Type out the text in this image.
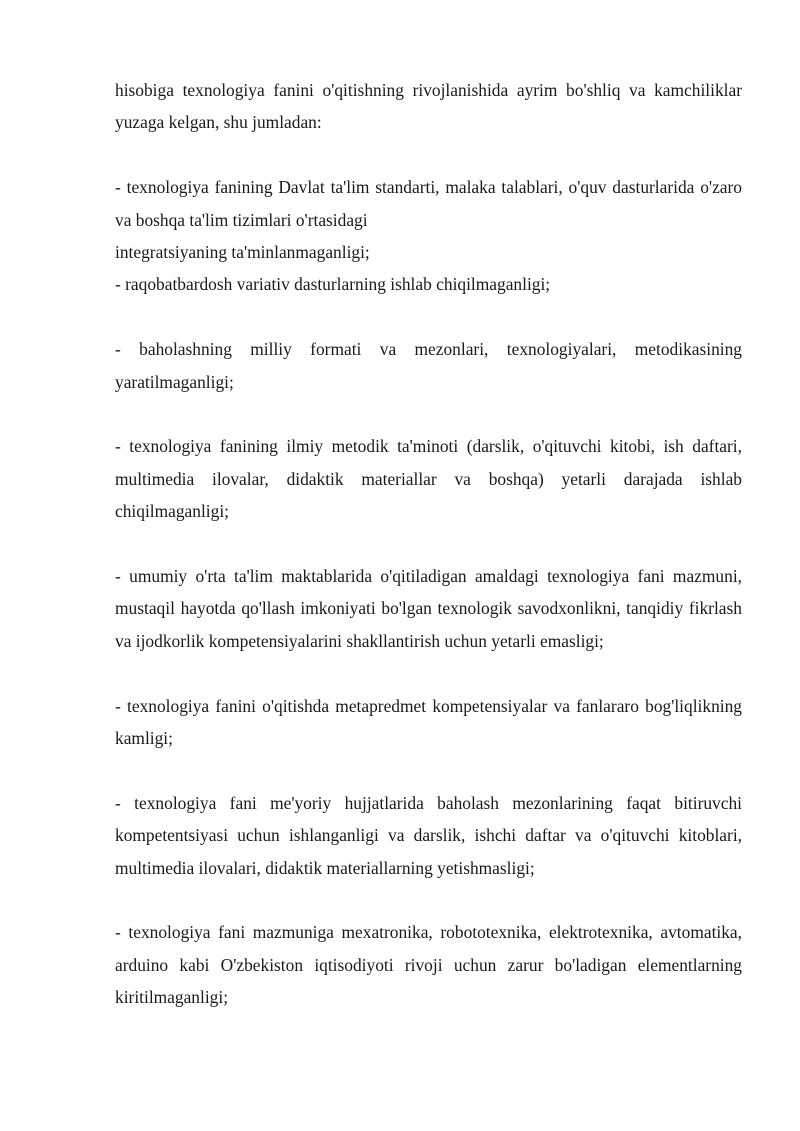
hisobiga texnologiya fanini o'qitishning rivojlanishida ayrim bo'shliq va kamchiliklar yuzaga kelgan, shu jumladan:

- texnologiya fanining Davlat ta'lim standarti, malaka talablari, o'quv dasturlarida o'zaro va boshqa ta'lim tizimlari o'rtasidagi

integratsiyaning ta'minlanmaganligi;

- raqobatbardosh variativ dasturlarning ishlab chiqilmaganligi;

- baholashning milliy formati va mezonlari, texnologiyalari, metodikasining yaratilmaganligi;

- texnologiya fanining ilmiy metodik ta'minoti (darslik, o'qituvchi kitobi, ish daftari, multimedia ilovalar, didaktik materiallar va boshqa) yetarli darajada ishlab chiqilmaganligi;

- umumiy o'rta ta'lim maktablarida o'qitiladigan amaldagi texnologiya fani mazmuni, mustaqil hayotda qo'llash imkoniyati bo'lgan texnologik savodxonlikni, tanqidiy fikrlash va ijodkorlik kompetensiyalarini shakllantirish uchun yetarli emasligi;

- texnologiya fanini o'qitishda metapredmet kompetensiyalar va fanlararo bog'liqlikning kamligi;

- texnologiya fani me'yoriy hujjatlarida baholash mezonlarining faqat bitiruvchi kompetentsiyasi uchun ishlanganligi va darslik, ishchi daftar va o'qituvchi kitoblari, multimedia ilovalari, didaktik materiallarning yetishmasligi;

- texnologiya fani mazmuniga mexatronika, robototexnika, elektrotexnika, avtomatika, arduino kabi O'zbekiston iqtisodiyoti rivoji uchun zarur bo'ladigan elementlarning kiritilmaganligi;
